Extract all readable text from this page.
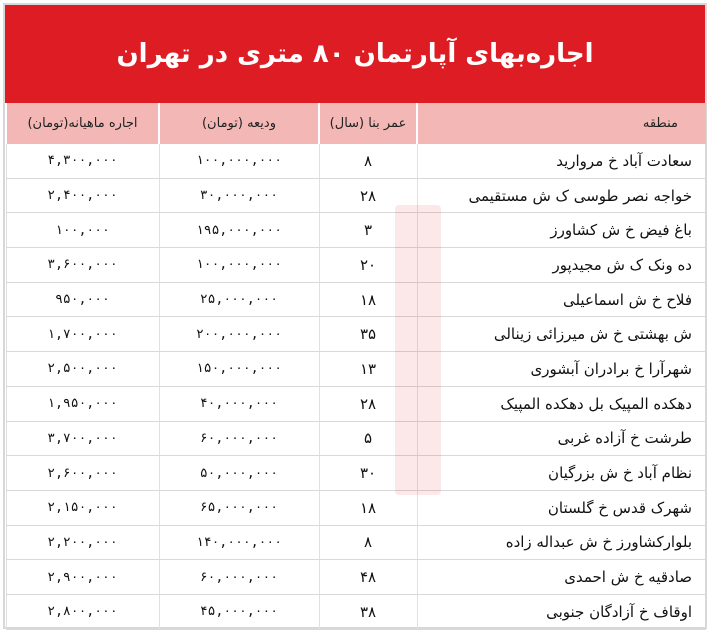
اجاره‌بهای آپارتمان ۸۰ متری در تهران
منطقه	عمر بنا (سال)	ودیعه (تومان)	اجاره ماهیانه(تومان)
سعادت آباد خ مروارید	۸	۱۰۰,۰۰۰,۰۰۰	۴,۳۰۰,۰۰۰
خواجه نصر طوسی ک ش مستقیمی	۲۸	۳۰,۰۰۰,۰۰۰	۲,۴۰۰,۰۰۰
باغ فیض خ ش کشاورز	۳	۱۹۵,۰۰۰,۰۰۰	۱۰۰,۰۰۰
ده ونک ک ش مجیدپور	۲۰	۱۰۰,۰۰۰,۰۰۰	۳,۶۰۰,۰۰۰
فلاح خ ش اسماعیلی	۱۸	۲۵,۰۰۰,۰۰۰	۹۵۰,۰۰۰
ش بهشتی خ ش میرزائی زینالی	۳۵	۲۰۰,۰۰۰,۰۰۰	۱,۷۰۰,۰۰۰
شهرآرا خ برادران آبشوری	۱۳	۱۵۰,۰۰۰,۰۰۰	۲,۵۰۰,۰۰۰
دهکده المپیک بل دهکده المپیک	۲۸	۴۰,۰۰۰,۰۰۰	۱,۹۵۰,۰۰۰
طرشت خ آزاده غربی	۵	۶۰,۰۰۰,۰۰۰	۳,۷۰۰,۰۰۰
نظام آباد خ ش بزرگیان	۳۰	۵۰,۰۰۰,۰۰۰	۲,۶۰۰,۰۰۰
شهرک قدس خ گلستان	۱۸	۶۵,۰۰۰,۰۰۰	۲,۱۵۰,۰۰۰
بلوارکشاورز خ ش عبداله زاده	۸	۱۴۰,۰۰۰,۰۰۰	۲,۲۰۰,۰۰۰
صادقیه خ ش احمدی	۴۸	۶۰,۰۰۰,۰۰۰	۲,۹۰۰,۰۰۰
اوقاف خ آزادگان جنوبی	۳۸	۴۵,۰۰۰,۰۰۰	۲,۸۰۰,۰۰۰
